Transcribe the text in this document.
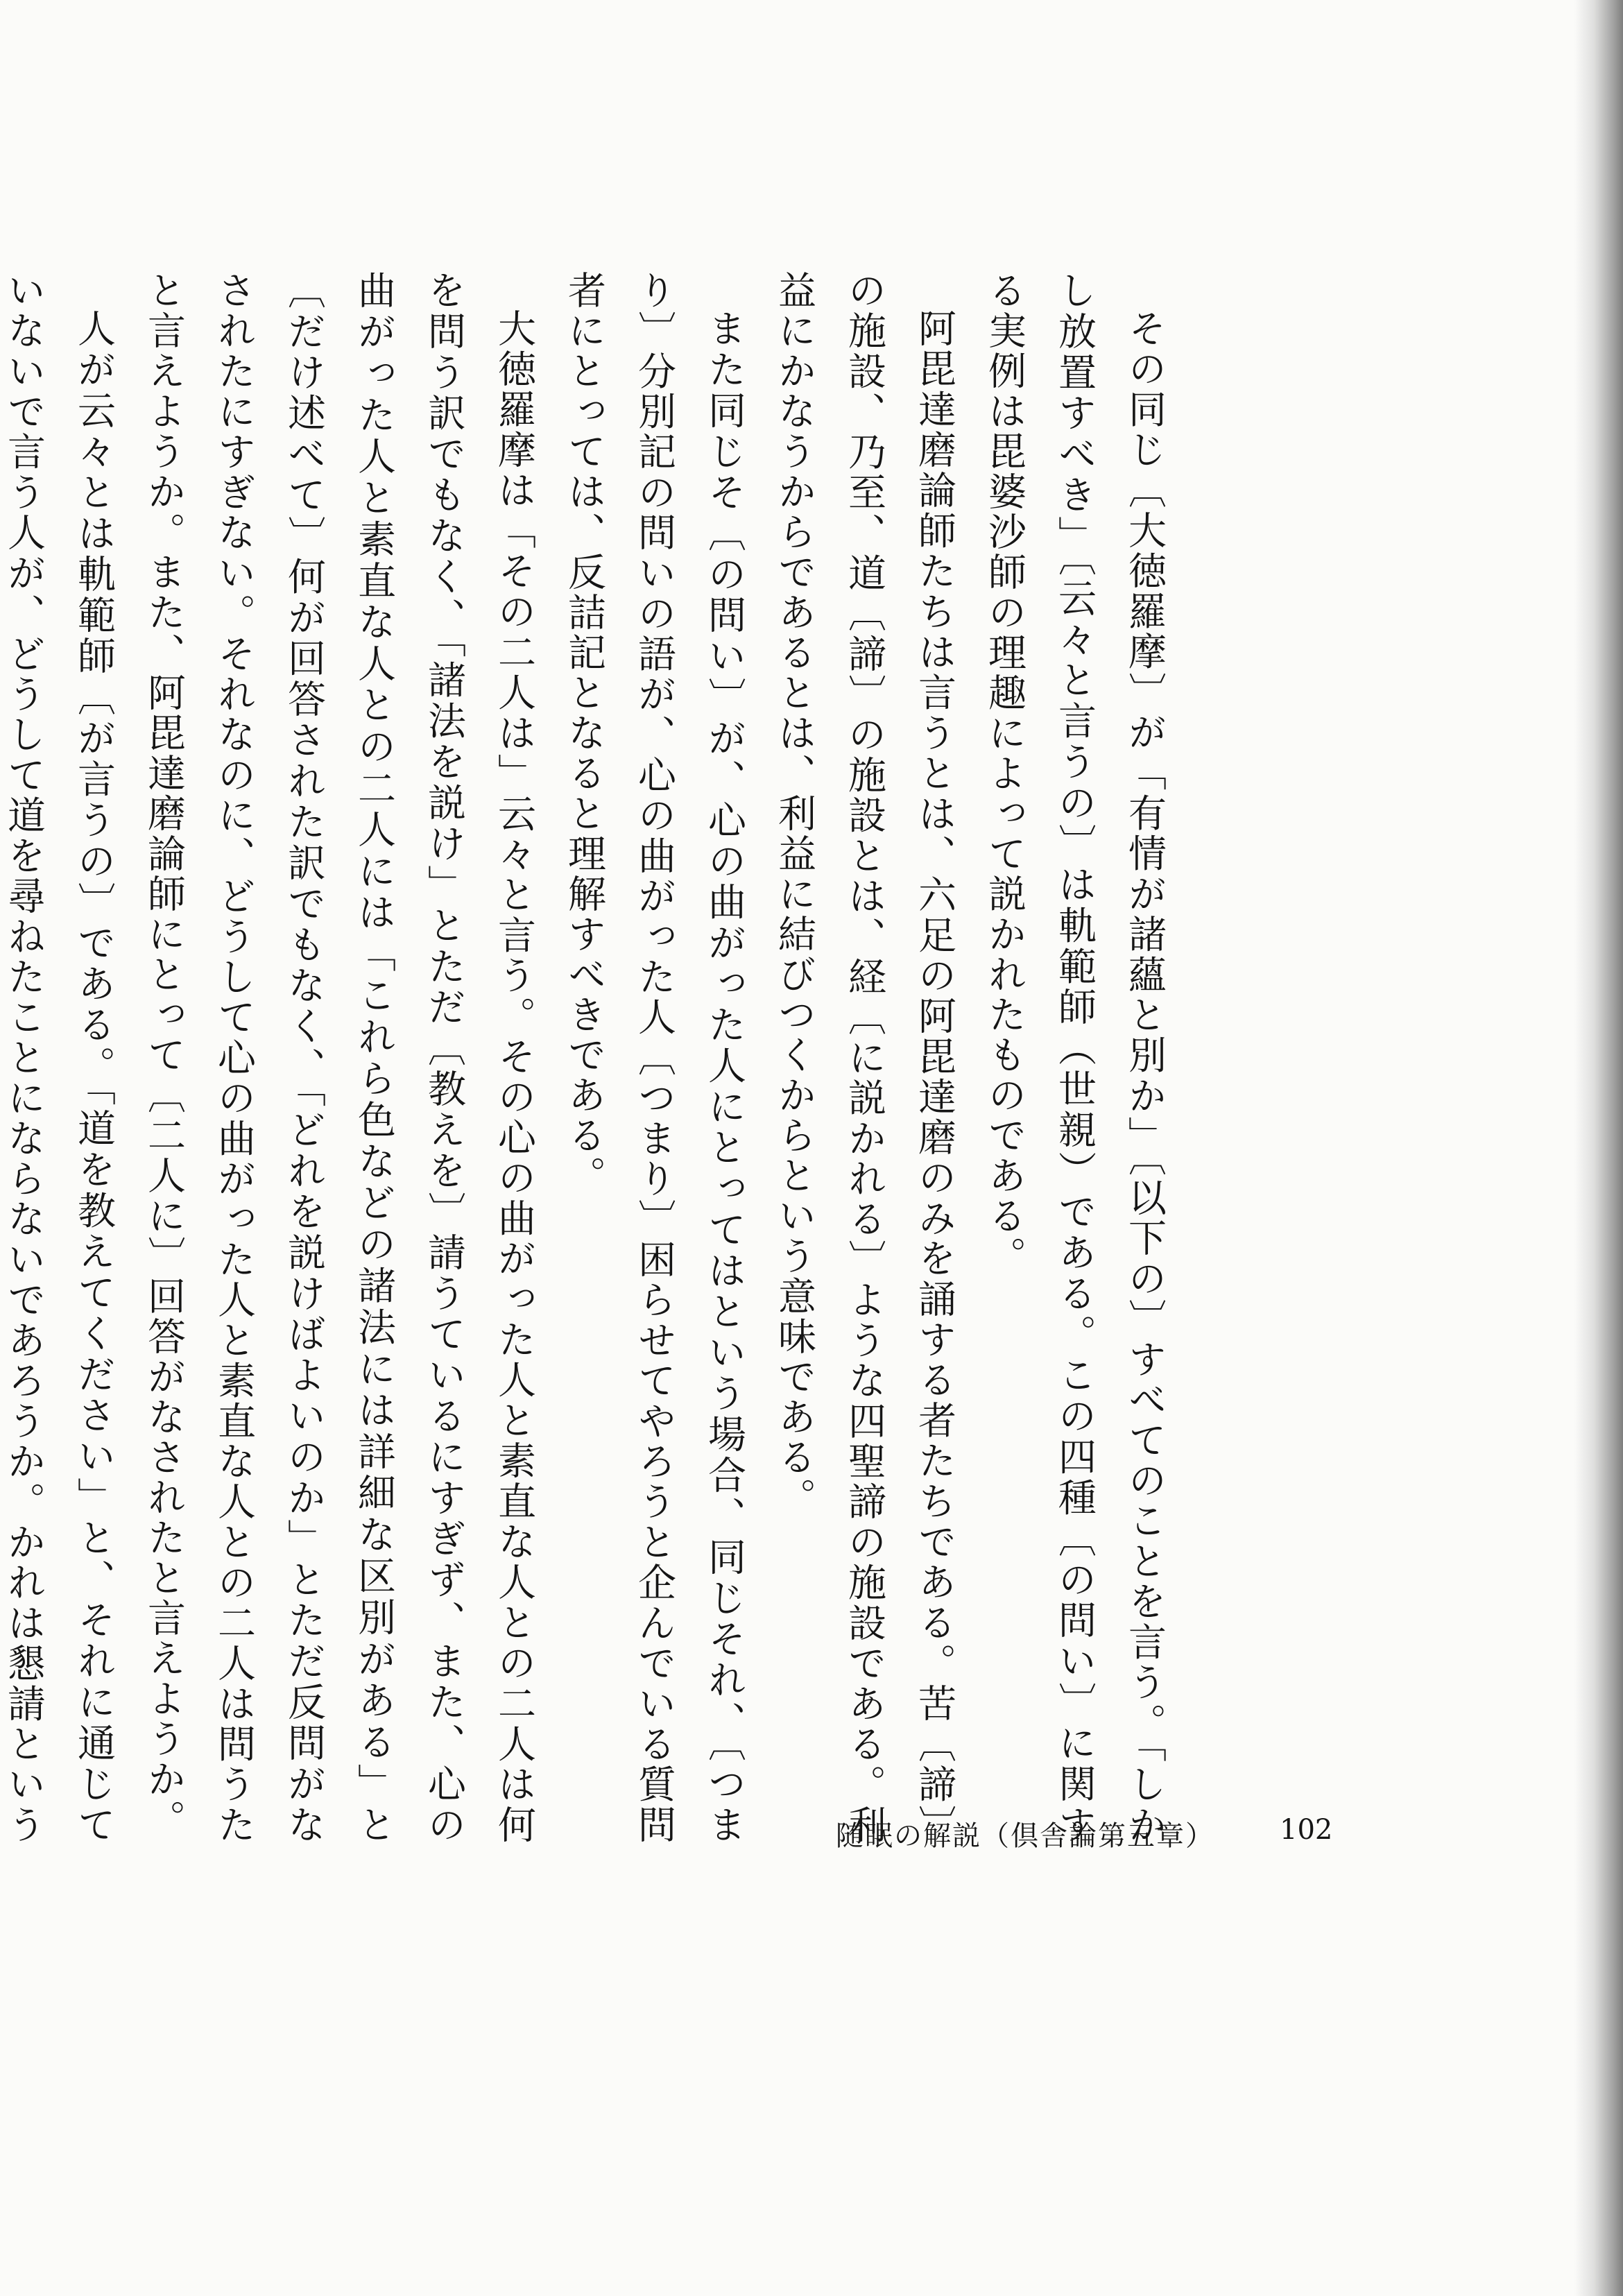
その同じ〔大徳羅摩〕が「有情が諸蘊と別か」〔以下の〕すべてのことを言う。「しかし放置すべき」〔云々と言うの〕は軌範師（世親）である。この四種〔の問い〕に関する実例は毘婆沙師の理趣によって説かれたものである。

阿毘達磨論師たちは言うとは、六足の阿毘達磨のみを誦する者たちである。苦〔諦〕の施設、乃至、道〔諦〕の施設とは、経〔に説かれる〕ような四聖諦の施設である。利益にかなうからであるとは、利益に結びつくからという意味である。

また同じそ〔の問い〕が、心の曲がった人にとってはという場合、同じそれ、〔つまり〕分別記の問いの語が、心の曲がった人〔つまり〕困らせてやろうと企んでいる質問者にとっては、反詰記となると理解すべきである。

大徳羅摩は「その二人は」云々と言う。その心の曲がった人と素直な人との二人は何を問う訳でもなく、「諸法を説け」とただ〔教えを〕請うているにすぎず、また、心の曲がった人と素直な人との二人には「これら色などの諸法には詳細な区別がある」と〔だけ述べて〕何が回答された訳でもなく、「どれを説けばよいのか」とただ反問がなされたにすぎない。それなのに、どうして心の曲がった人と素直な人との二人は問うたと言えようか。また、阿毘達磨論師にとって〔二人に〕回答がなされたと言えようか。

人が云々とは軌範師〔が言うの〕である。「道を教えてください」と、それに通じていないで言う人が、どうして道を尋ねたことにならないであろうか。かれは懇請という	随眠の解説（倶舎論第五章） 102
